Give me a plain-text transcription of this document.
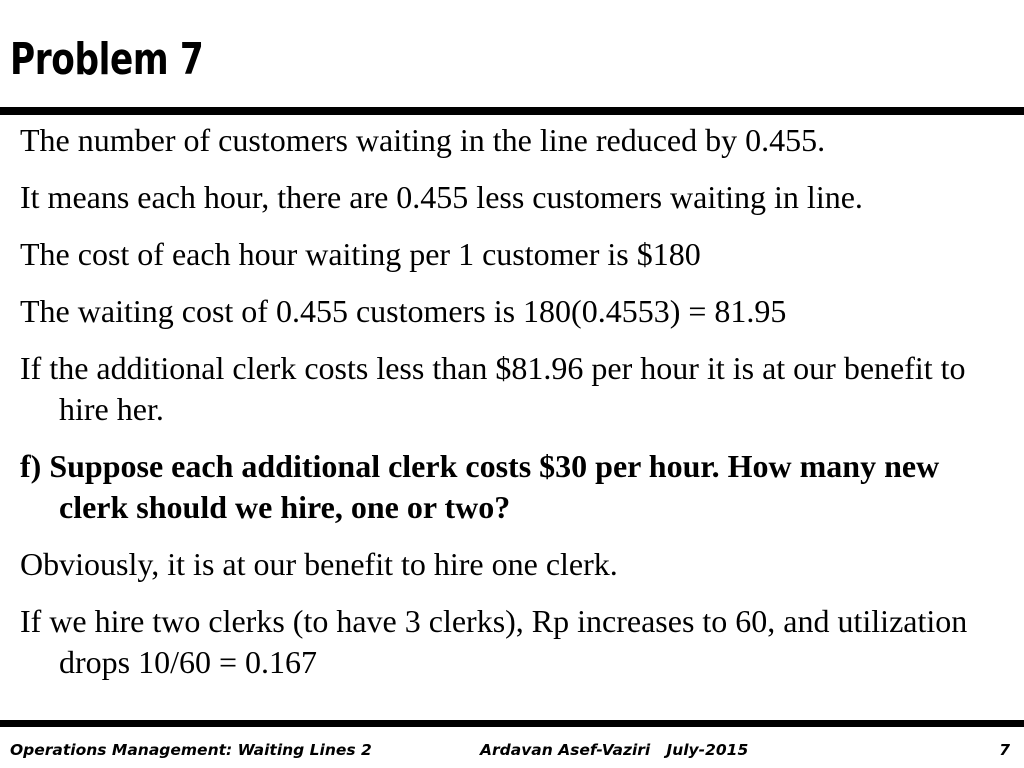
Problem 7

The number of customers waiting in the line reduced by 0.455.

It means each hour, there are 0.455 less customers waiting in line.

The cost of each hour waiting per 1 customer is $180

The waiting cost of 0.455 customers is 180(0.4553) = 81.95

If the additional clerk costs less than $81.96 per hour it is at our benefit to hire her.

f) Suppose each additional clerk costs $30 per hour. How many new clerk should we hire, one or two?

Obviously, it is at our benefit to hire one clerk.

If we hire two clerks (to have 3 clerks), Rp increases to 60, and utilization drops 10/60 = 0.167

Operations Management: Waiting Lines 2	Ardavan Asef-Vaziri   July-2015	7
